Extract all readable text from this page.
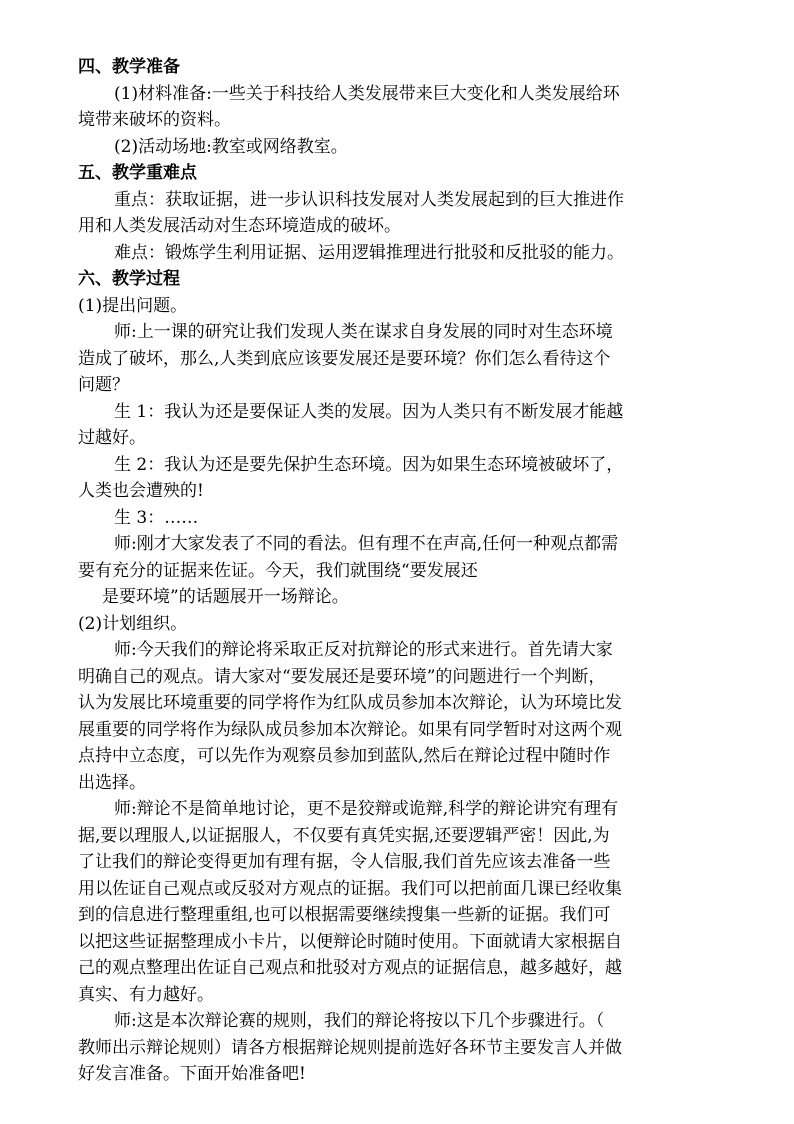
四、教学准备
(1)材料准备:一些关于科技给人类发展带来巨大变化和人类发展给环
境带来破坏的资料。
(2)活动场地:教室或网络教室。
五、教学重难点
重点：获取证据，进一步认识科技发展对人类发展起到的巨大推进作
用和人类发展活动对生态环境造成的破坏。
难点：锻炼学生利用证据、运用逻辑推理进行批驳和反批驳的能力。
六、教学过程
(1)提出问题。
师:上一课的研究让我们发现人类在谋求自身发展的同时对生态环境
造成了破坏，那么,人类到底应该要发展还是要环境？你们怎么看待这个
问题？
生 1：我认为还是要保证人类的发展。因为人类只有不断发展才能越
过越好。
生 2：我认为还是要先保护生态环境。因为如果生态环境被破坏了，
人类也会遭殃的!
生 3：……
师:刚才大家发表了不同的看法。但有理不在声高,任何一种观点都需
要有充分的证据来佐证。今天，我们就围绕“要发展还
是要环境”的话题展开一场辩论。
(2)计划组织。
师:今天我们的辩论将采取正反对抗辩论的形式来进行。首先请大家
明确自己的观点。请大家对“要发展还是要环境”的问题进行一个判断，
认为发展比环境重要的同学将作为红队成员参加本次辩论，认为环境比发
展重要的同学将作为绿队成员参加本次辩论。如果有同学暂时对这两个观
点持中立态度，可以先作为观察员参加到蓝队,然后在辩论过程中随时作
出选择。
师:辩论不是简单地讨论，更不是狡辩或诡辩,科学的辩论讲究有理有
据,要以理服人,以证据服人，不仅要有真凭实据,还要逻辑严密！因此,为
了让我们的辩论变得更加有理有据，令人信服,我们首先应该去准备一些
用以佐证自己观点或反驳对方观点的证据。我们可以把前面几课已经收集
到的信息进行整理重组,也可以根据需要继续搜集一些新的证据。我们可
以把这些证据整理成小卡片，以便辩论时随时使用。下面就请大家根据自
己的观点整理出佐证自己观点和批驳对方观点的证据信息，越多越好，越
真实、有力越好。
师:这是本次辩论赛的规则，我们的辩论将按以下几个步骤进行。（
教师出示辩论规则）请各方根据辩论规则提前选好各环节主要发言人并做
好发言准备。下面开始准备吧!
